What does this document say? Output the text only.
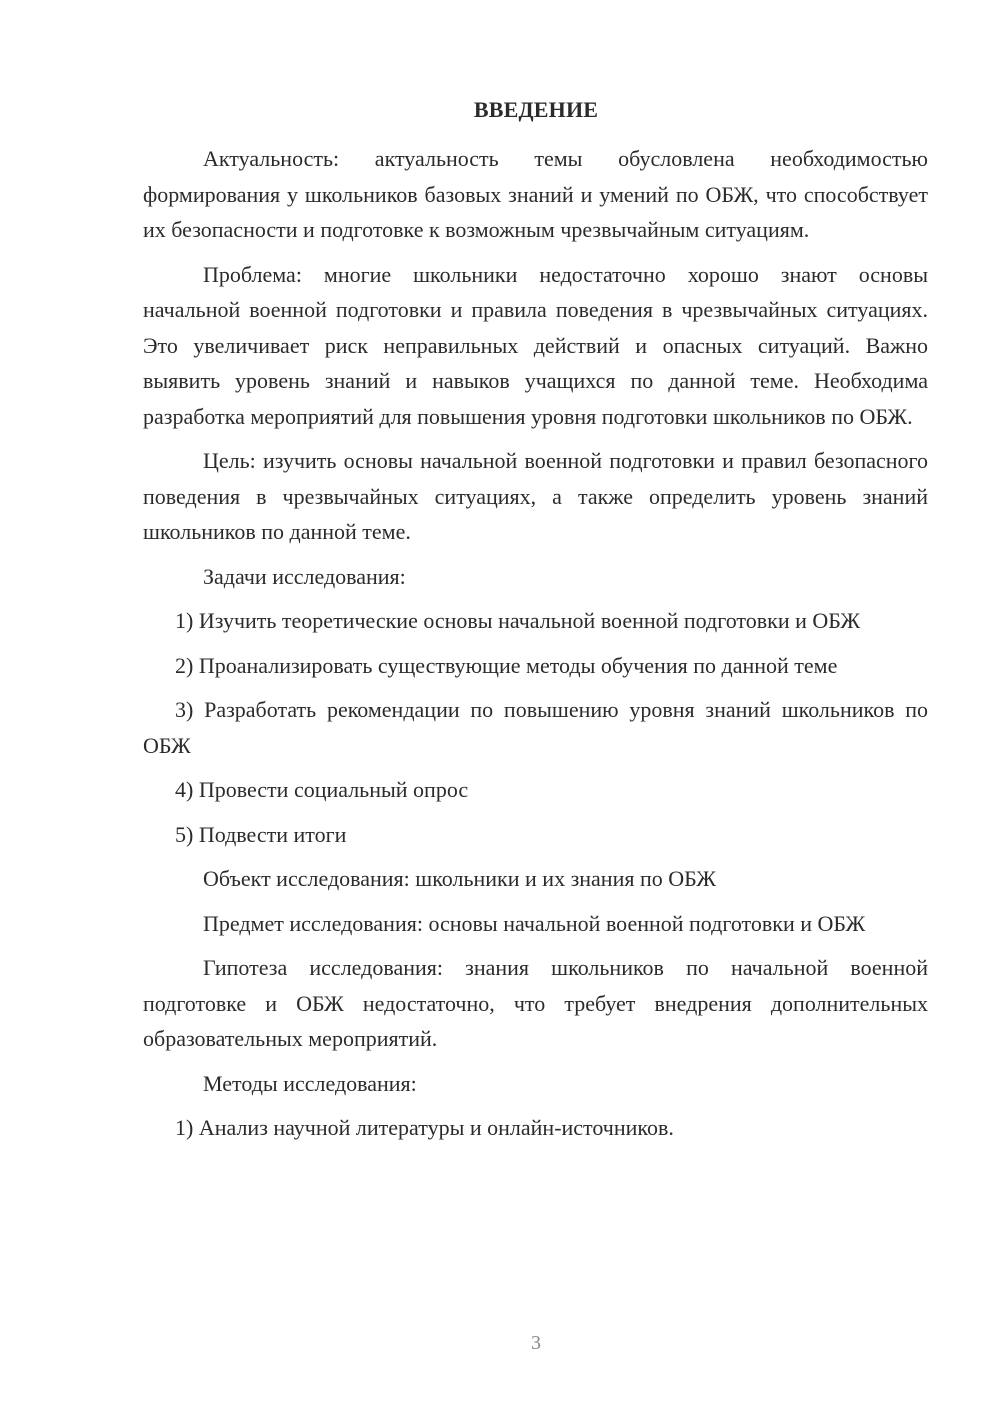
ВВЕДЕНИЕ

Актуальность: актуальность темы обусловлена необходимостью формирования у школьников базовых знаний и умений по ОБЖ, что способствует их безопасности и подготовке к возможным чрезвычайным ситуациям.

Проблема: многие школьники недостаточно хорошо знают основы начальной военной подготовки и правила поведения в чрезвычайных ситуациях. Это увеличивает риск неправильных действий и опасных ситуаций. Важно выявить уровень знаний и навыков учащихся по данной теме. Необходима разработка мероприятий для повышения уровня подготовки школьников по ОБЖ.

Цель: изучить основы начальной военной подготовки и правил безопасного поведения в чрезвычайных ситуациях, а также определить уровень знаний школьников по данной теме.

Задачи исследования:

1) Изучить теоретические основы начальной военной подготовки и ОБЖ

2) Проанализировать существующие методы обучения по данной теме

3) Разработать рекомендации по повышению уровня знаний школьников по ОБЖ

4) Провести социальный опрос

5) Подвести итоги

Объект исследования: школьники и их знания по ОБЖ

Предмет исследования: основы начальной военной подготовки и ОБЖ

Гипотеза исследования: знания школьников по начальной военной подготовке и ОБЖ недостаточно, что требует внедрения дополнительных образовательных мероприятий.

Методы исследования:

1) Анализ научной литературы и онлайн-источников.

3
